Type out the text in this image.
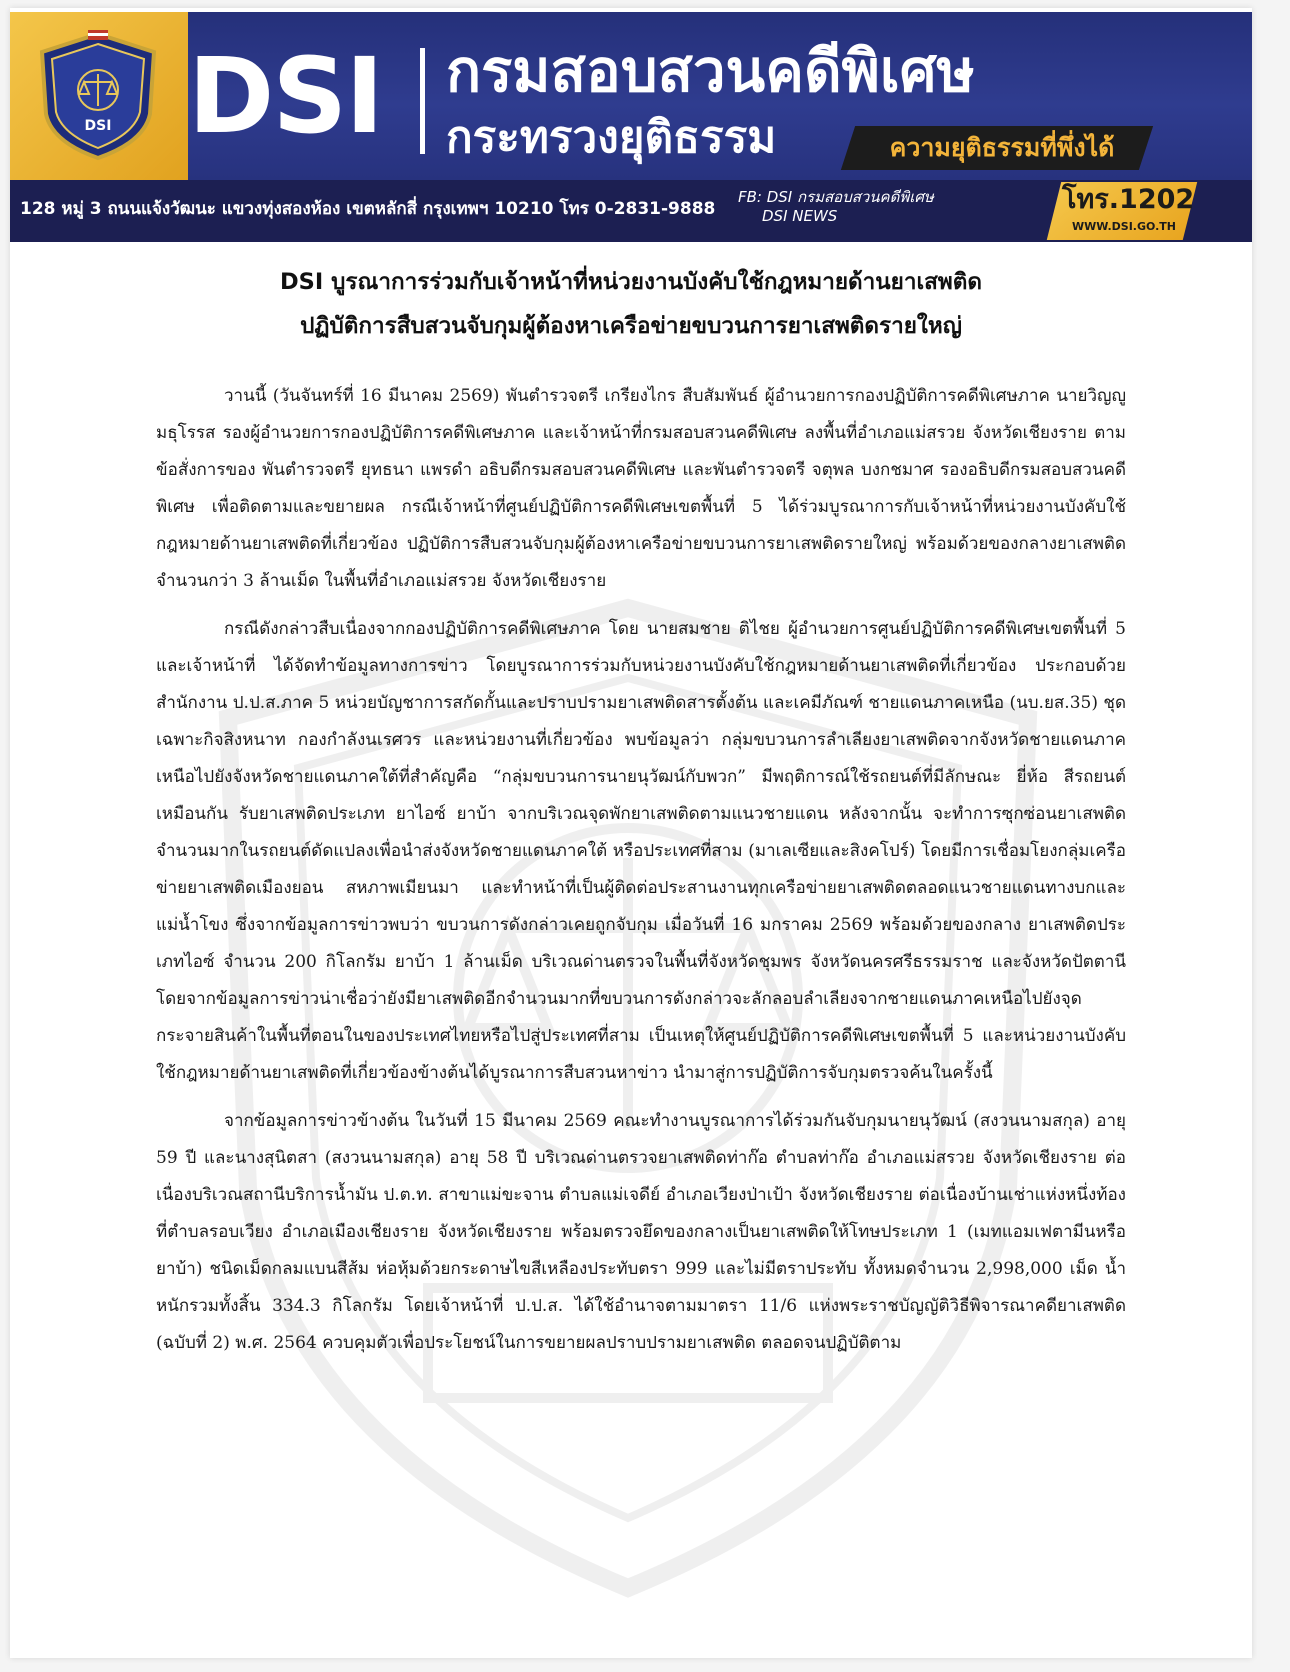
DSI DSI กรมสอบสวนคดีพิเศษ
กระทรวงยุติธรรม	ความยุติธรรมที่พึ่งได้
128 หมู่ 3 ถนนแจ้งวัฒนะ แขวงทุ่งสองห้อง เขตหลักสี่ กรุงเทพฯ 10210 โทร 0-2831-9888
FB: DSI กรมสอบสวนคดีพิเศษ
DSI NEWS
โทร.1202
WWW.DSI.GO.TH
DSI บูรณาการร่วมกับเจ้าหน้าที่หน่วยงานบังคับใช้กฎหมายด้านยาเสพติด
ปฏิบัติการสืบสวนจับกุมผู้ต้องหาเครือข่ายขบวนการยาเสพติดรายใหญ่

วานนี้ (วันจันทร์ที่ 16 มีนาคม 2569) พันตำรวจตรี เกรียงไกร สืบสัมพันธ์ ผู้อำนวยการกองปฏิบัติการคดีพิเศษภาค นายวิญญู มธุโรรส รองผู้อำนวยการกองปฏิบัติการคดีพิเศษภาค และเจ้าหน้าที่กรมสอบสวนคดีพิเศษ ลงพื้นที่อำเภอแม่สรวย จังหวัดเชียงราย ตามข้อสั่งการของ พันตำรวจตรี ยุทธนา แพรดำ อธิบดีกรมสอบสวนคดีพิเศษ และพันตำรวจตรี จตุพล บงกชมาศ รองอธิบดีกรมสอบสวนคดีพิเศษ เพื่อติดตามและขยายผล กรณีเจ้าหน้าที่ศูนย์ปฏิบัติการคดีพิเศษเขตพื้นที่ 5 ได้ร่วมบูรณาการกับเจ้าหน้าที่หน่วยงานบังคับใช้กฎหมายด้านยาเสพติดที่เกี่ยวข้อง ปฏิบัติการสืบสวนจับกุมผู้ต้องหาเครือข่ายขบวนการยาเสพติดรายใหญ่ พร้อมด้วยของกลางยาเสพติดจำนวนกว่า 3 ล้านเม็ด ในพื้นที่อำเภอแม่สรวย จังหวัดเชียงราย

กรณีดังกล่าวสืบเนื่องจากกองปฏิบัติการคดีพิเศษภาค โดย นายสมชาย ติไชย ผู้อำนวยการศูนย์ปฏิบัติการคดีพิเศษเขตพื้นที่ 5 และเจ้าหน้าที่ ได้จัดทำข้อมูลทางการข่าว โดยบูรณาการร่วมกับหน่วยงานบังคับใช้กฎหมายด้านยาเสพติดที่เกี่ยวข้อง ประกอบด้วย สำนักงาน ป.ป.ส.ภาค 5 หน่วยบัญชาการสกัดกั้นและปราบปรามยาเสพติดสารตั้งต้น และเคมีภัณฑ์ ชายแดนภาคเหนือ (นบ.ยส.35) ชุดเฉพาะกิจสิงหนาท กองกำลังนเรศวร และหน่วยงานที่เกี่ยวข้อง พบข้อมูลว่า กลุ่มขบวนการลำเลียงยาเสพติดจากจังหวัดชายแดนภาคเหนือไปยังจังหวัดชายแดนภาคใต้ที่สำคัญคือ “กลุ่มขบวนการนายนุวัฒน์กับพวก” มีพฤติการณ์ใช้รถยนต์ที่มีลักษณะ ยี่ห้อ สีรถยนต์ เหมือนกัน รับยาเสพติดประเภท ยาไอซ์ ยาบ้า จากบริเวณจุดพักยาเสพติดตามแนวชายแดน หลังจากนั้น จะทำการซุกซ่อนยาเสพติดจำนวนมากในรถยนต์ดัดแปลงเพื่อนำส่งจังหวัดชายแดนภาคใต้ หรือประเทศที่สาม (มาเลเซียและสิงคโปร์) โดยมีการเชื่อมโยงกลุ่มเครือข่ายยาเสพติดเมืองยอน สหภาพเมียนมา และทำหน้าที่เป็นผู้ติดต่อประสานงานทุกเครือข่ายยาเสพติดตลอดแนวชายแดนทางบกและแม่น้ำโขง ซึ่งจากข้อมูลการข่าวพบว่า ขบวนการดังกล่าวเคยถูกจับกุม เมื่อวันที่ 16 มกราคม 2569 พร้อมด้วยของกลาง ยาเสพติดประเภทไอซ์ จำนวน 200 กิโลกรัม ยาบ้า 1 ล้านเม็ด บริเวณด่านตรวจในพื้นที่จังหวัดชุมพร จังหวัดนครศรีธรรมราช และจังหวัดปัตตานี โดยจากข้อมูลการข่าวน่าเชื่อว่ายังมียาเสพติดอีกจำนวนมากที่ขบวนการดังกล่าวจะลักลอบลำเลียงจากชายแดนภาคเหนือไปยังจุดกระจายสินค้าในพื้นที่ตอนในของประเทศไทยหรือไปสู่ประเทศที่สาม เป็นเหตุให้ศูนย์ปฏิบัติการคดีพิเศษเขตพื้นที่ 5 และหน่วยงานบังคับใช้กฎหมายด้านยาเสพติดที่เกี่ยวข้องข้างต้นได้บูรณาการสืบสวนหาข่าว นำมาสู่การปฏิบัติการจับกุมตรวจค้นในครั้งนี้

จากข้อมูลการข่าวข้างต้น ในวันที่ 15 มีนาคม 2569 คณะทำงานบูรณาการได้ร่วมกันจับกุมนายนุวัฒน์ (สงวนนามสกุล) อายุ 59 ปี และนางสุนิตสา (สงวนนามสกุล) อายุ 58 ปี บริเวณด่านตรวจยาเสพติดท่าก๊อ ตำบลท่าก๊อ อำเภอแม่สรวย จังหวัดเชียงราย ต่อเนื่องบริเวณสถานีบริการน้ำมัน ป.ต.ท. สาขาแม่ขะจาน ตำบลแม่เจดีย์ อำเภอเวียงป่าเป้า จังหวัดเชียงราย ต่อเนื่องบ้านเช่าแห่งหนึ่งท้องที่ตำบลรอบเวียง อำเภอเมืองเชียงราย จังหวัดเชียงราย พร้อมตรวจยึดของกลางเป็นยาเสพติดให้โทษประเภท 1 (เมทแอมเฟตามีนหรือยาบ้า) ชนิดเม็ดกลมแบนสีส้ม ห่อหุ้มด้วยกระดาษไขสีเหลืองประทับตรา 999 และไม่มีตราประทับ ทั้งหมดจำนวน 2,998,000 เม็ด น้ำหนักรวมทั้งสิ้น 334.3 กิโลกรัม โดยเจ้าหน้าที่ ป.ป.ส. ได้ใช้อำนาจตามมาตรา 11/6 แห่งพระราชบัญญัติวิธีพิจารณาคดียาเสพติด (ฉบับที่ 2) พ.ศ. 2564 ควบคุมตัวเพื่อประโยชน์ในการขยายผลปราบปรามยาเสพติด ตลอดจนปฏิบัติตาม
